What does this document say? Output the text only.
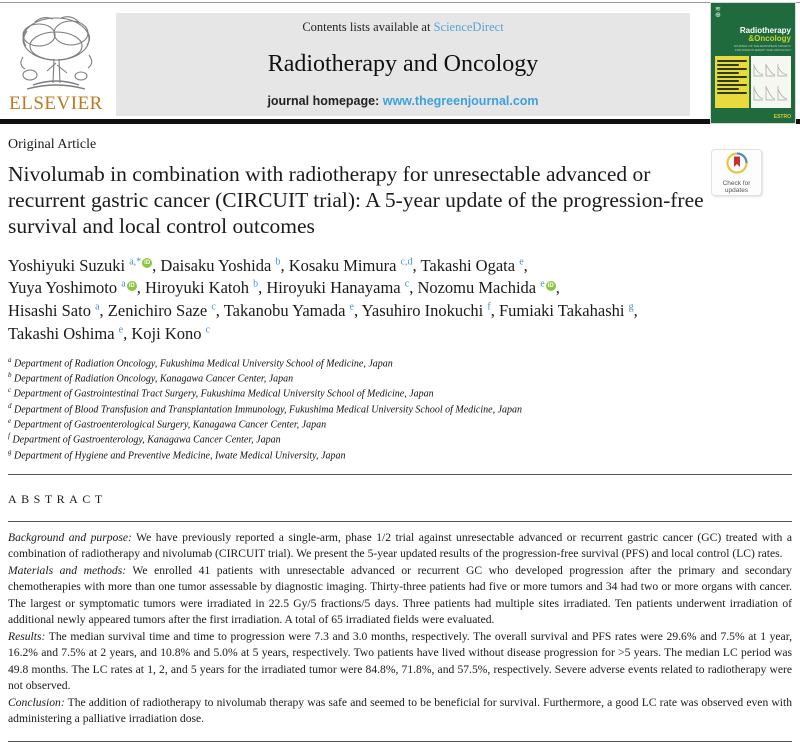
ELSEVIER
Contents lists available at ScienceDirect
Radiotherapy and Oncology
journal homepage: www.thegreenjournal.com
≋
⊕
Radiotherapy
&Oncology
JOURNAL OF THE EUROPEAN SOCIETY
FOR RADIOTHERAPY AND ONCOLOGY
ESTRO
Check for
updates
Original Article
Nivolumab in combination with radiotherapy for unresectable advanced or recurrent gastric cancer (CIRCUIT trial): A 5-year update of the progression-free survival and local control outcomes
Yoshiyuki Suzuki $^{a,*}$ iD , Daisaku Yoshida $^b$, Kosaku Mimura $^{c,d}$, Takashi Ogata $^e$,
Yuya Yoshimoto $^a$ iD , Hiroyuki Katoh $^b$, Hiroyuki Hanayama $^c$, Nozomu Machida $^e$ iD ,
Hisashi Sato $^a$, Zenichiro Saze $^c$, Takanobu Yamada $^e$, Yasuhiro Inokuchi $^f$, Fumiaki Takahashi $^g$,
Takashi Oshima $^e$, Koji Kono $^c$
$^a$ Department of Radiation Oncology, Fukushima Medical University School of Medicine, Japan
$^b$ Department of Radiation Oncology, Kanagawa Cancer Center, Japan
$^c$ Department of Gastrointestinal Tract Surgery, Fukushima Medical University School of Medicine, Japan
$^d$ Department of Blood Transfusion and Transplantation Immunology, Fukushima Medical University School of Medicine, Japan
$^e$ Department of Gastroenterological Surgery, Kanagawa Cancer Center, Japan
$^f$ Department of Gastroenterology, Kanagawa Cancer Center, Japan
$^g$ Department of Hygiene and Preventive Medicine, Iwate Medical University, Japan
ABSTRACT

Background and purpose: We have previously reported a single-arm, phase 1/2 trial against unresectable advanced or recurrent gastric cancer (GC) treated with a combination of radiotherapy and nivolumab (CIRCUIT trial). We present the 5-year updated results of the progression-free survival (PFS) and local control (LC) rates.

Materials and methods: We enrolled 41 patients with unresectable advanced or recurrent GC who developed progression after the primary and secondary chemotherapies with more than one tumor assessable by diagnostic imaging. Thirty-three patients had five or more tumors and 34 had two or more organs with cancer. The largest or symptomatic tumors were irradiated in 22.5 Gy/5 fractions/5 days. Three patients had multiple sites irradiated. Ten patients underwent irradiation of additional newly appeared tumors after the first irradiation. A total of 65 irradiated fields were evaluated.

Results: The median survival time and time to progression were 7.3 and 3.0 months, respectively. The overall survival and PFS rates were 29.6% and 7.5% at 1 year, 16.2% and 7.5% at 2 years, and 10.8% and 5.0% at 5 years, respectively. Two patients have lived without disease progression for >5 years. The median LC period was 49.8 months. The LC rates at 1, 2, and 5 years for the irradiated tumor were 84.8%, 71.8%, and 57.5%, respectively. Severe adverse events related to radiotherapy were not observed.

Conclusion: The addition of radiotherapy to nivolumab therapy was safe and seemed to be beneficial for survival. Furthermore, a good LC rate was observed even with administering a palliative irradiation dose.
